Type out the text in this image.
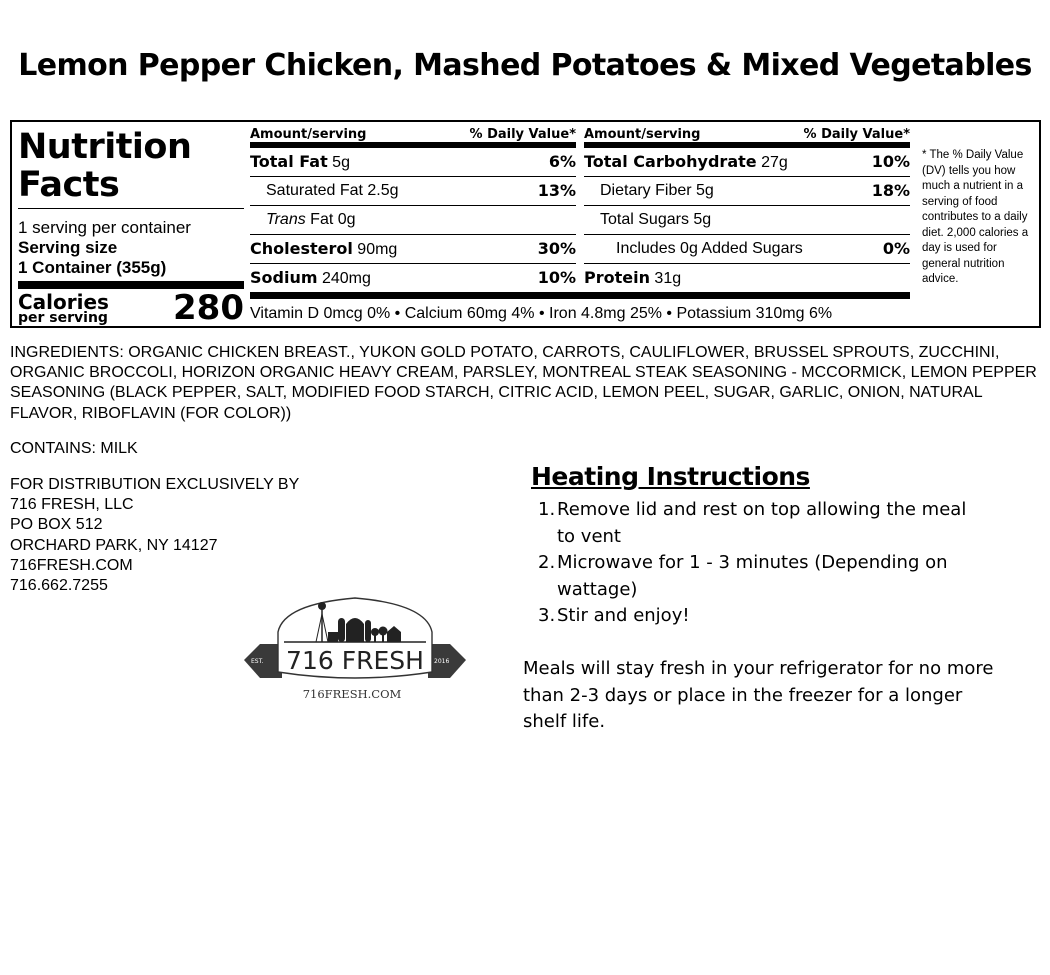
Lemon Pepper Chicken, Mashed Potatoes & Mixed Vegetables
Nutrition
Facts
1 serving per container
Serving size
1 Container (355g)
Calories
per serving 280
Amount/serving	% Daily Value*
Total Fat 5g	6%
Saturated Fat 2.5g	13%
Trans Fat 0g
Cholesterol 90mg	30%
Sodium 240mg	10%
Amount/serving	% Daily Value*
Total Carbohydrate 27g	10%
Dietary Fiber 5g	18%
Total Sugars 5g
Includes 0g Added Sugars	0%
Protein 31g
Vitamin D 0mcg 0% • Calcium 60mg 4% • Iron 4.8mg 25% • Potassium 310mg 6%
* The % Daily Value (DV) tells you how much a nutrient in a serving of food contributes to a daily diet. 2,000 calories a day is used for general nutrition advice.
INGREDIENTS: ORGANIC CHICKEN BREAST., YUKON GOLD POTATO, CARROTS, CAULIFLOWER, BRUSSEL SPROUTS, ZUCCHINI, ORGANIC BROCCOLI, HORIZON ORGANIC HEAVY CREAM, PARSLEY, MONTREAL STEAK SEASONING - MCCORMICK, LEMON PEPPER SEASONING (BLACK PEPPER, SALT, MODIFIED FOOD STARCH, CITRIC ACID, LEMON PEEL, SUGAR, GARLIC, ONION, NATURAL FLAVOR, RIBOFLAVIN (FOR COLOR))
CONTAINS: MILK
FOR DISTRIBUTION EXCLUSIVELY BY
716 FRESH, LLC
PO BOX 512
ORCHARD PARK, NY 14127
716FRESH.COM
716.662.7255
EST.	2016
716 FRESH
716FRESH.COM
Heating Instructions
1. Remove lid and rest on top allowing the meal to vent
2. Microwave for 1 - 3 minutes (Depending on wattage)
3. Stir and enjoy!
Meals will stay fresh in your refrigerator for no more than 2-3 days or place in the freezer for a longer shelf life.
